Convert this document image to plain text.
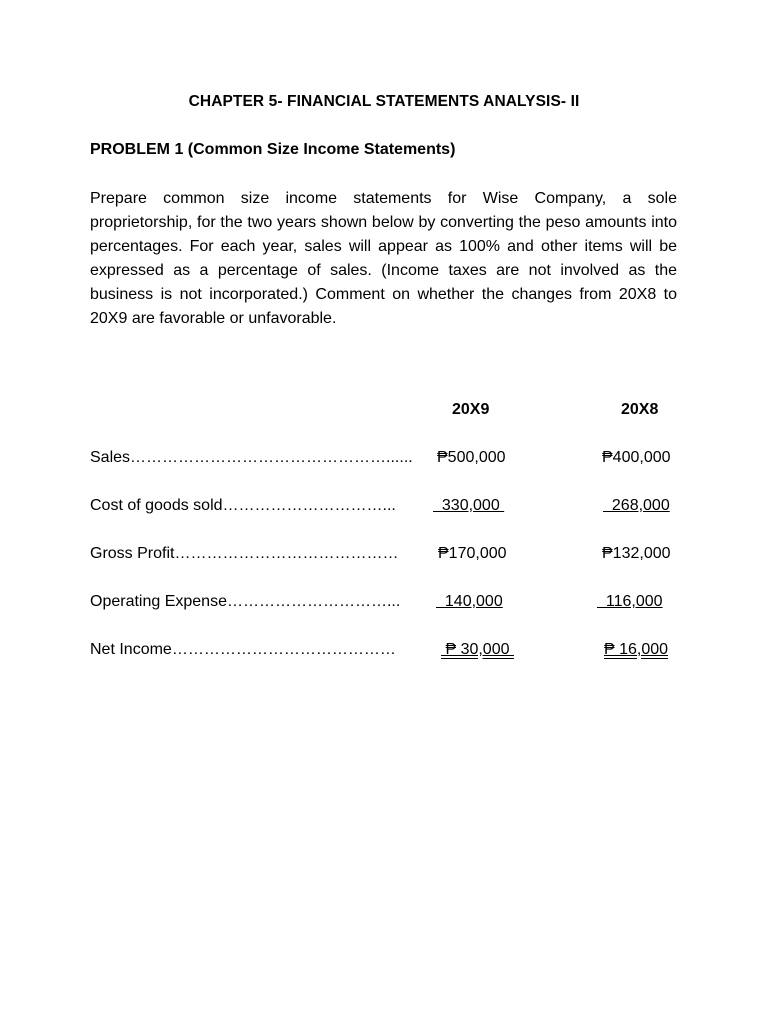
CHAPTER 5- FINANCIAL STATEMENTS ANALYSIS- II
PROBLEM 1 (Common Size Income Statements)

Prepare common size income statements for Wise Company, a sole proprietorship, for the two years shown below by converting the peso amounts into percentages. For each year, sales will appear as 100% and other items will be expressed as a percentage of sales. (Income taxes are not involved as the business is not incorporated.) Comment on whether the changes from 20X8 to 20X9 are favorable or unfavorable.

20X9	20X8
Sales…………………………………………...... ₱500,000	₱400,000
Cost of goods sold…………………………... 330,000	268,000
Gross Profit…………………………………… ₱170,000	₱132,000
Operating Expense…………………………... 140,000	116,000
Net Income……………………………………	₱ 30,000	₱ 16,000
